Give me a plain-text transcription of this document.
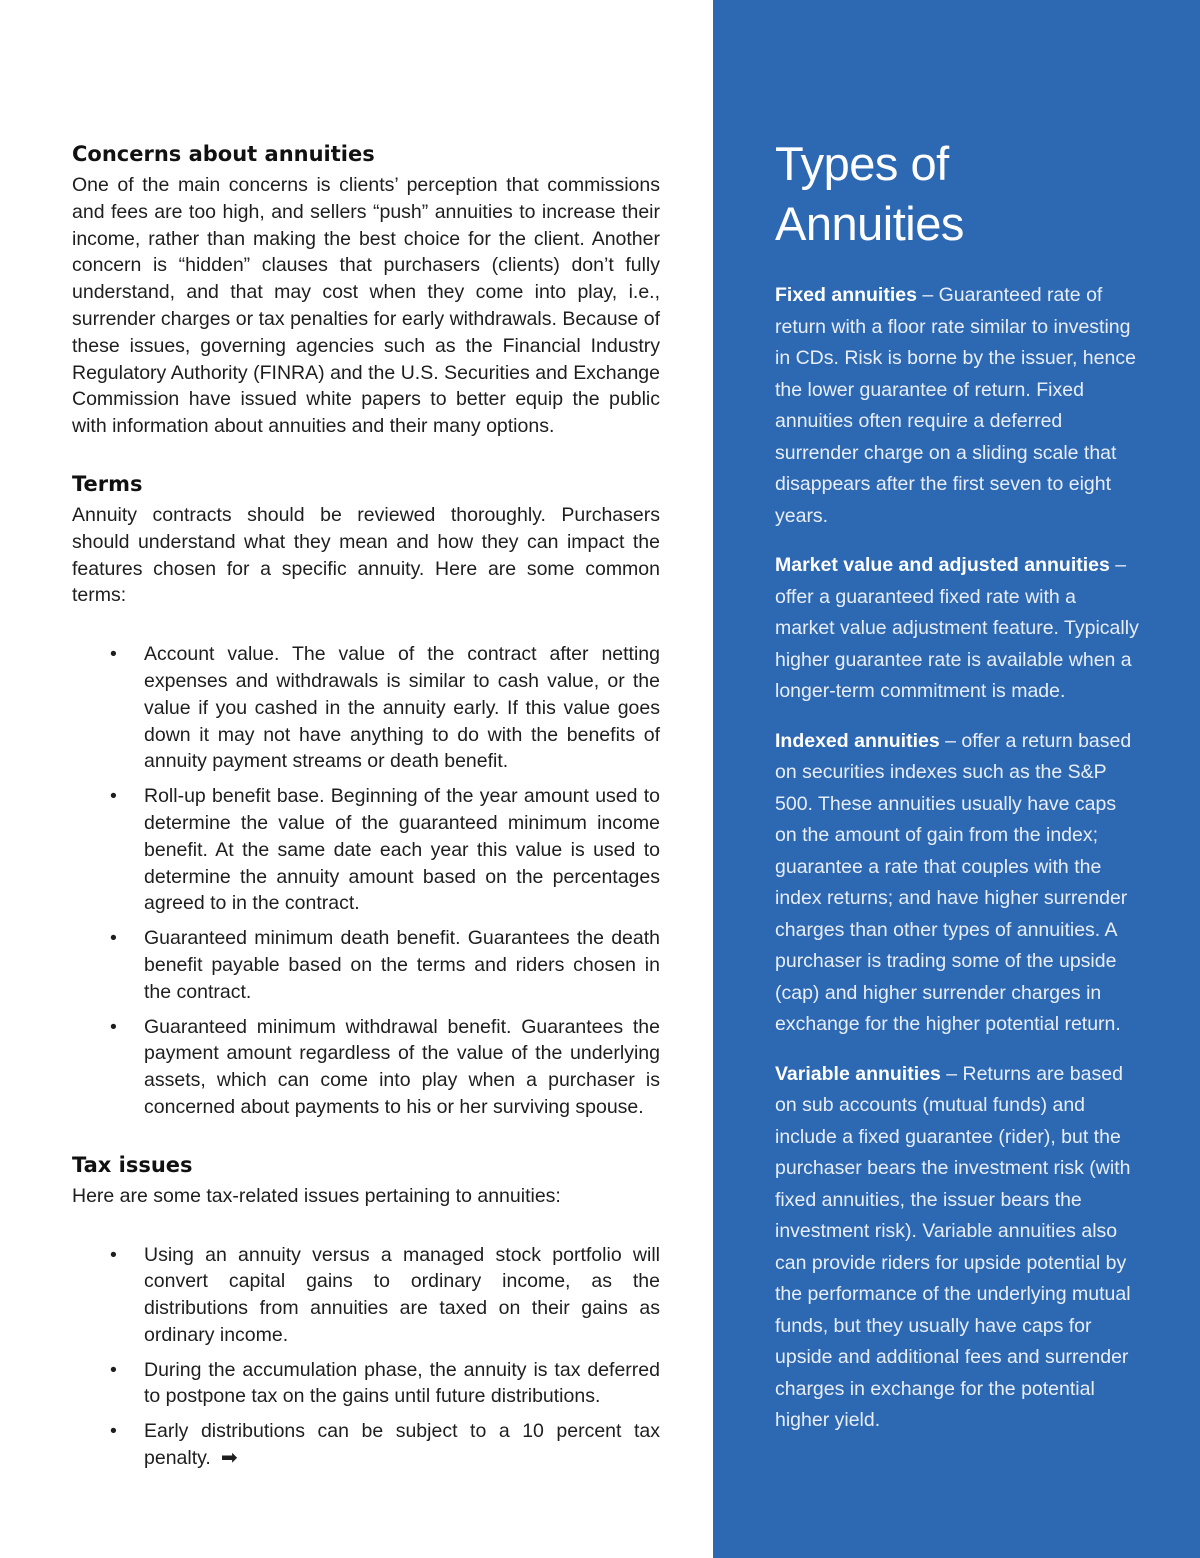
Concerns about annuities

One of the main concerns is clients’ perception that commissions and fees are too high, and sellers “push” annuities to increase their income, rather than making the best choice for the client. Another concern is “hidden” clauses that purchasers (clients) don’t fully understand, and that may cost when they come into play, i.e., surrender charges or tax penalties for early withdrawals. Because of these issues, governing agencies such as the Financial Industry Regulatory Authority (FINRA) and the U.S. Securities and Exchange Commission have issued white papers to better equip the public with information about annuities and their many options.

Terms

Annuity contracts should be reviewed thoroughly. Purchasers should understand what they mean and how they can impact the features chosen for a specific annuity. Here are some common terms:

• Account value. The value of the contract after netting expenses and withdrawals is similar to cash value, or the value if you cashed in the annuity early. If this value goes down it may not have anything to do with the benefits of annuity payment streams or death benefit.
• Roll-up benefit base. Beginning of the year amount used to determine the value of the guaranteed minimum income benefit. At the same date each year this value is used to determine the annuity amount based on the percentages agreed to in the contract.
• Guaranteed minimum death benefit. Guarantees the death benefit payable based on the terms and riders chosen in the contract.
• Guaranteed minimum withdrawal benefit. Guarantees the payment amount regardless of the value of the underlying assets, which can come into play when a purchaser is concerned about payments to his or her surviving spouse.
Tax issues

Here are some tax-related issues pertaining to annuities:

• Using an annuity versus a managed stock portfolio will convert capital gains to ordinary income, as the distributions from annuities are taxed on their gains as ordinary income.
• During the accumulation phase, the annuity is tax deferred to postpone tax on the gains until future distributions.
• Early distributions can be subject to a 10 percent tax penalty. ➡
Types of Annuities

Fixed annuities – Guaranteed rate of return with a floor rate similar to investing in CDs. Risk is borne by the issuer, hence the lower guarantee of return. Fixed annuities often require a deferred surrender charge on a sliding scale that disappears after the first seven to eight years.

Market value and adjusted annuities – offer a guaranteed fixed rate with a market value adjustment feature. Typically higher guarantee rate is available when a longer-term commitment is made.

Indexed annuities – offer a return based on securities indexes such as the S&P 500. These annuities usually have caps on the amount of gain from the index; guarantee a rate that couples with the index returns; and have higher surrender charges than other types of annuities. A purchaser is trading some of the upside (cap) and higher surrender charges in exchange for the higher potential return.

Variable annuities – Returns are based on sub accounts (mutual funds) and include a fixed guarantee (rider), but the purchaser bears the investment risk (with fixed annuities, the issuer bears the investment risk). Variable annuities also can provide riders for upside potential by the performance of the underlying mutual funds, but they usually have caps for upside and additional fees and surrender charges in exchange for the potential higher yield.
